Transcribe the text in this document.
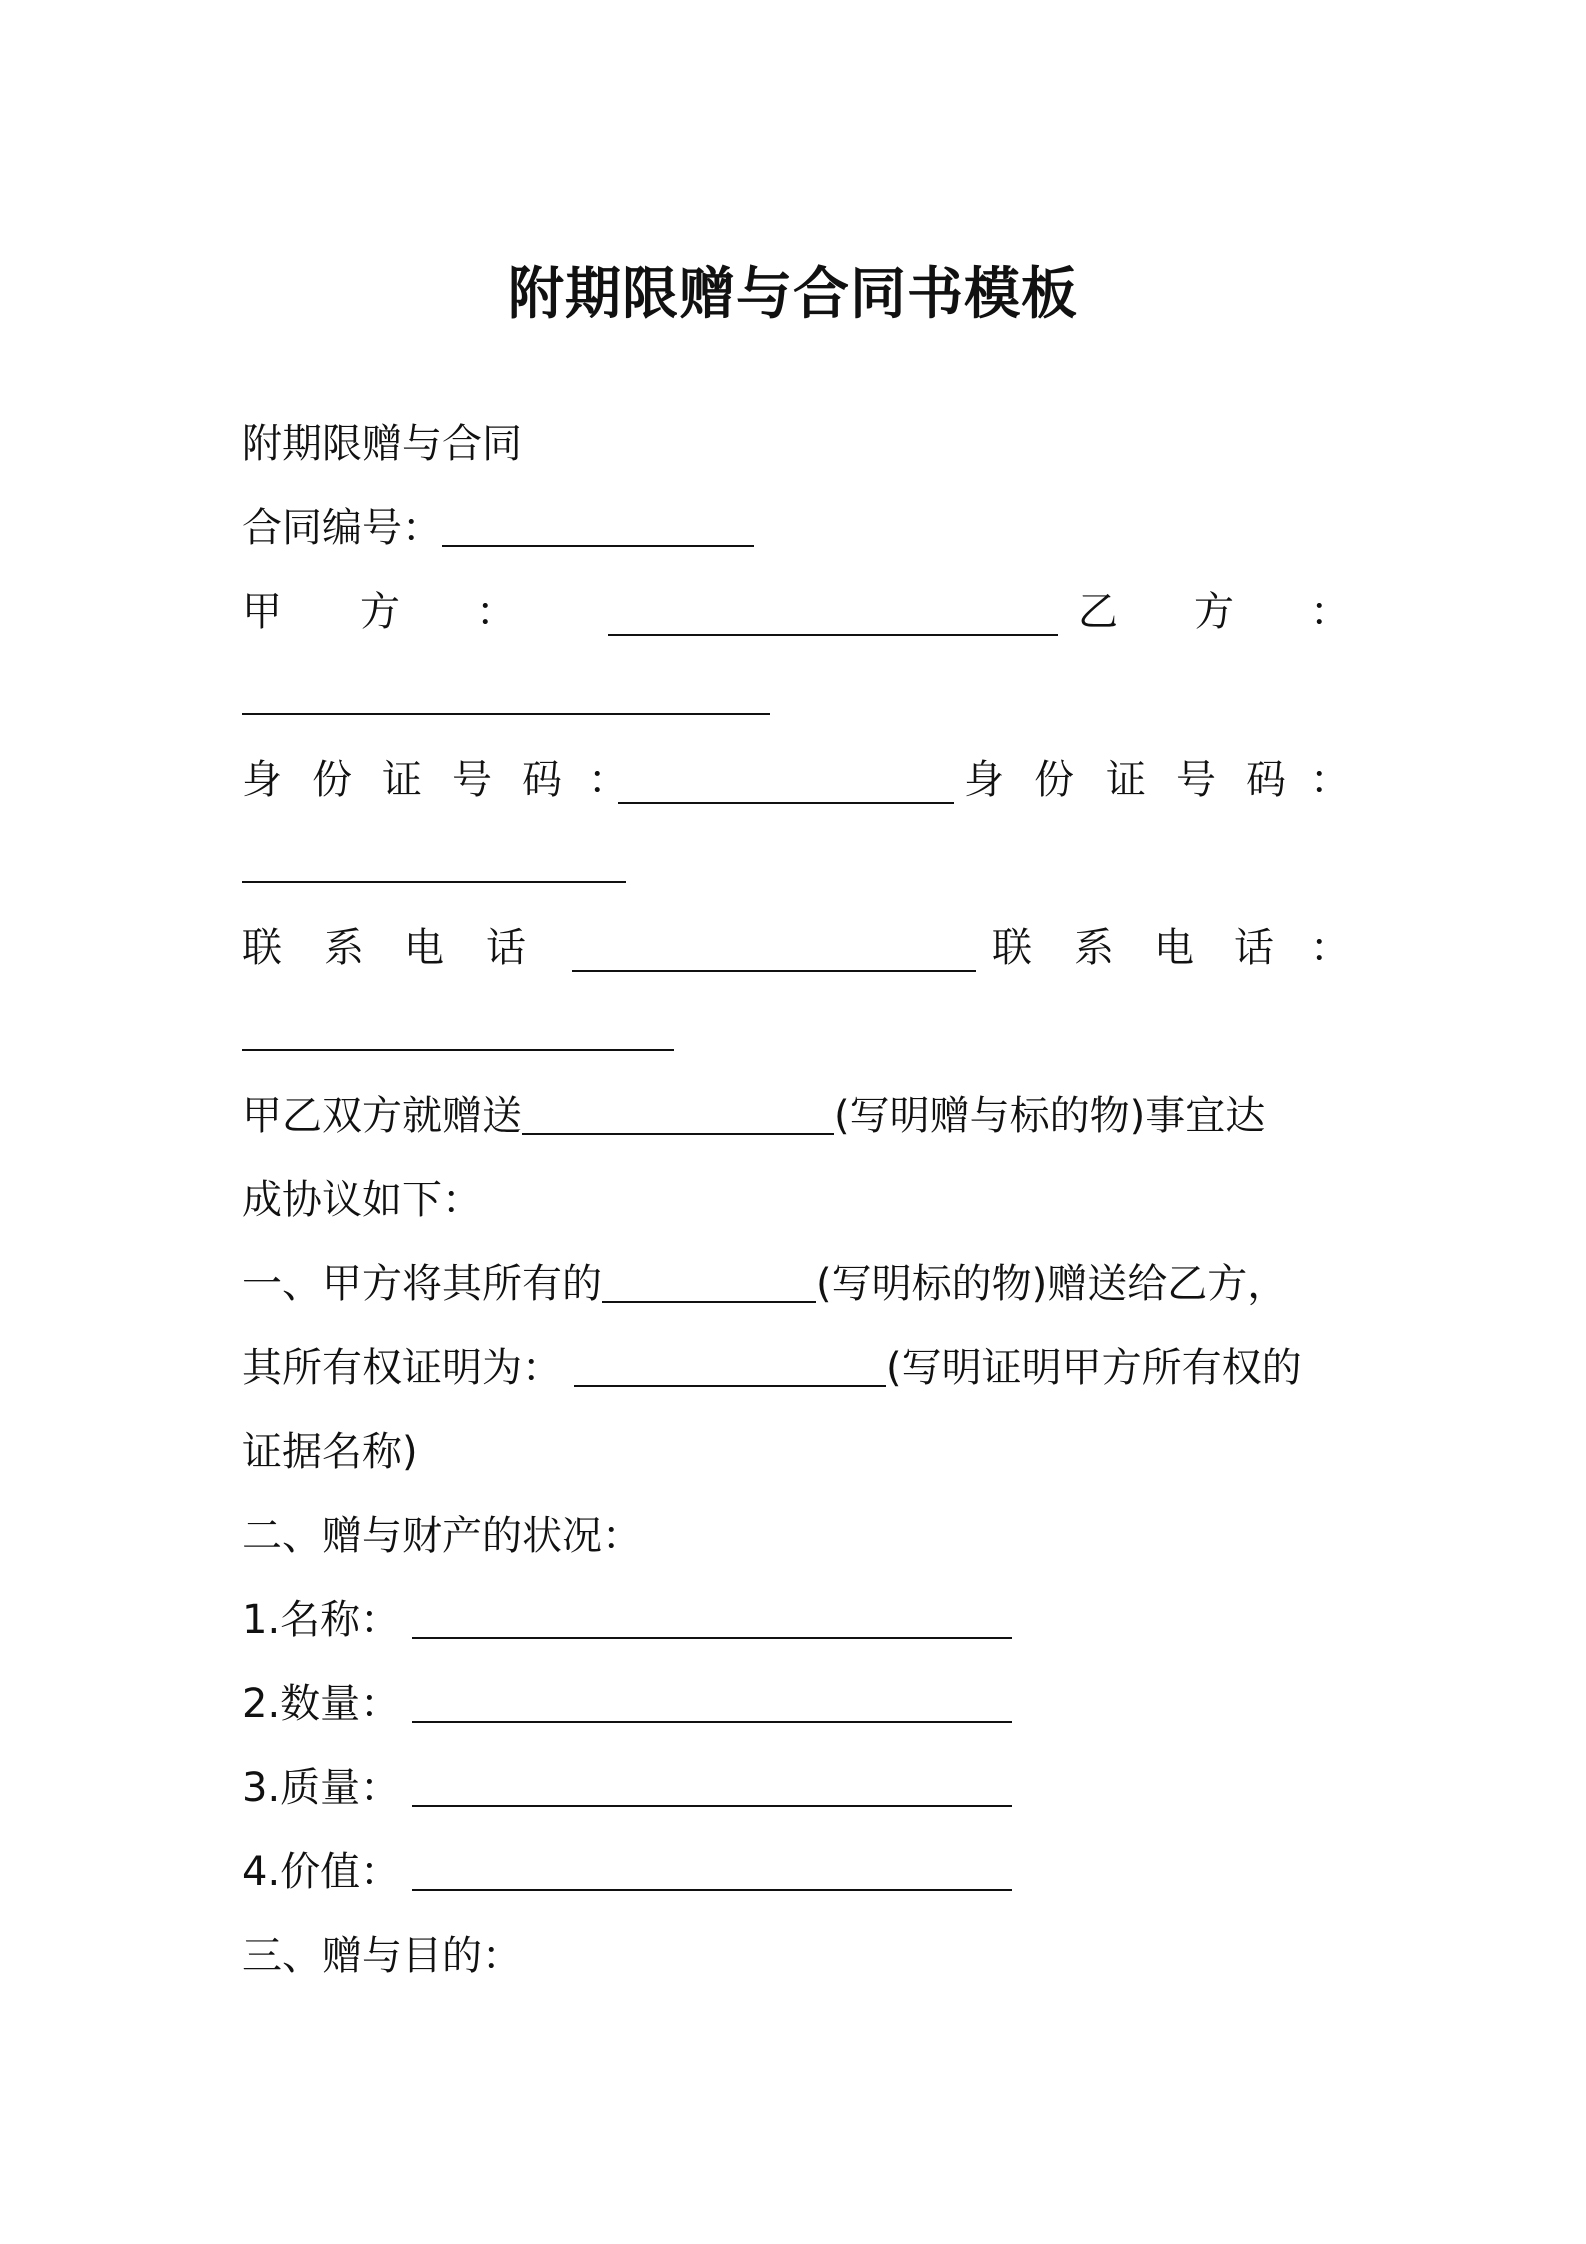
附期限赠与合同书模板
附期限赠与合同
合同编号：
甲 方 ：	乙 方 ：
身 份 证 号 码 ：	身 份 证 号 码 ：
联 系 电 话	联 系 电 话 ：
甲乙双方就赠送	(写明赠与标的物)事宜达
成协议如下：
一、甲方将其所有的	(写明标的物)赠送给乙方，
其所有权证明为：	(写明证明甲方所有权的
证据名称)
二、赠与财产的状况：
1.名称：
2.数量：
3.质量：
4.价值：
三、赠与目的：
